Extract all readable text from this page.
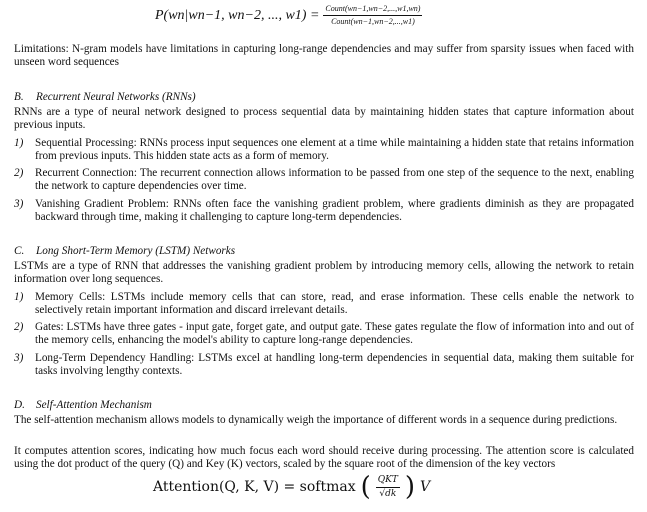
P(wn|wn−1, wn−2, ..., $w1) = \frac{\text{Count(wn−1,wn−2,...,w1,wn)}}{\text{Count(wn−1,wn−2,...,w1)}}$
Limitations: N-gram models have limitations in capturing long-range dependencies and may suffer from sparsity issues when faced with unseen word sequences
B. Recurrent Neural Networks (RNNs)
RNNs are a type of neural network designed to process sequential data by maintaining hidden states that capture information about previous inputs.
1)	Sequential Processing: RNNs process input sequences one element at a time while maintaining a hidden state that retains information from previous inputs. This hidden state acts as a form of memory.
2)	Recurrent Connection: The recurrent connection allows information to be passed from one step of the sequence to the next, enabling the network to capture dependencies over time.
3)	Vanishing Gradient Problem: RNNs often face the vanishing gradient problem, where gradients diminish as they are propagated backward through time, making it challenging to capture long-term dependencies.
C. Long Short-Term Memory (LSTM) Networks
LSTMs are a type of RNN that addresses the vanishing gradient problem by introducing memory cells, allowing the network to retain information over long sequences.
1)	Memory Cells: LSTMs include memory cells that can store, read, and erase information. These cells enable the network to selectively retain important information and discard irrelevant details.
2)	Gates: LSTMs have three gates - input gate, forget gate, and output gate. These gates regulate the flow of information into and out of the memory cells, enhancing the model's ability to capture long-range dependencies.
3)	Long-Term Dependency Handling: LSTMs excel at handling long-term dependencies in sequential data, making them suitable for tasks involving lengthy contexts.
D. Self-Attention Mechanism
The self-attention mechanism allows models to dynamically weigh the importance of different words in a sequence during predictions.
It computes attention scores, indicating how much focus each word should receive during processing. The attention score is calculated using the dot product of the query (Q) and Key (K) vectors, scaled by the square root of the dimension of the key vectors
Attention(Q, K, V) = softmax ( $\frac{\text{QKT}}{√dk}$ ) V
